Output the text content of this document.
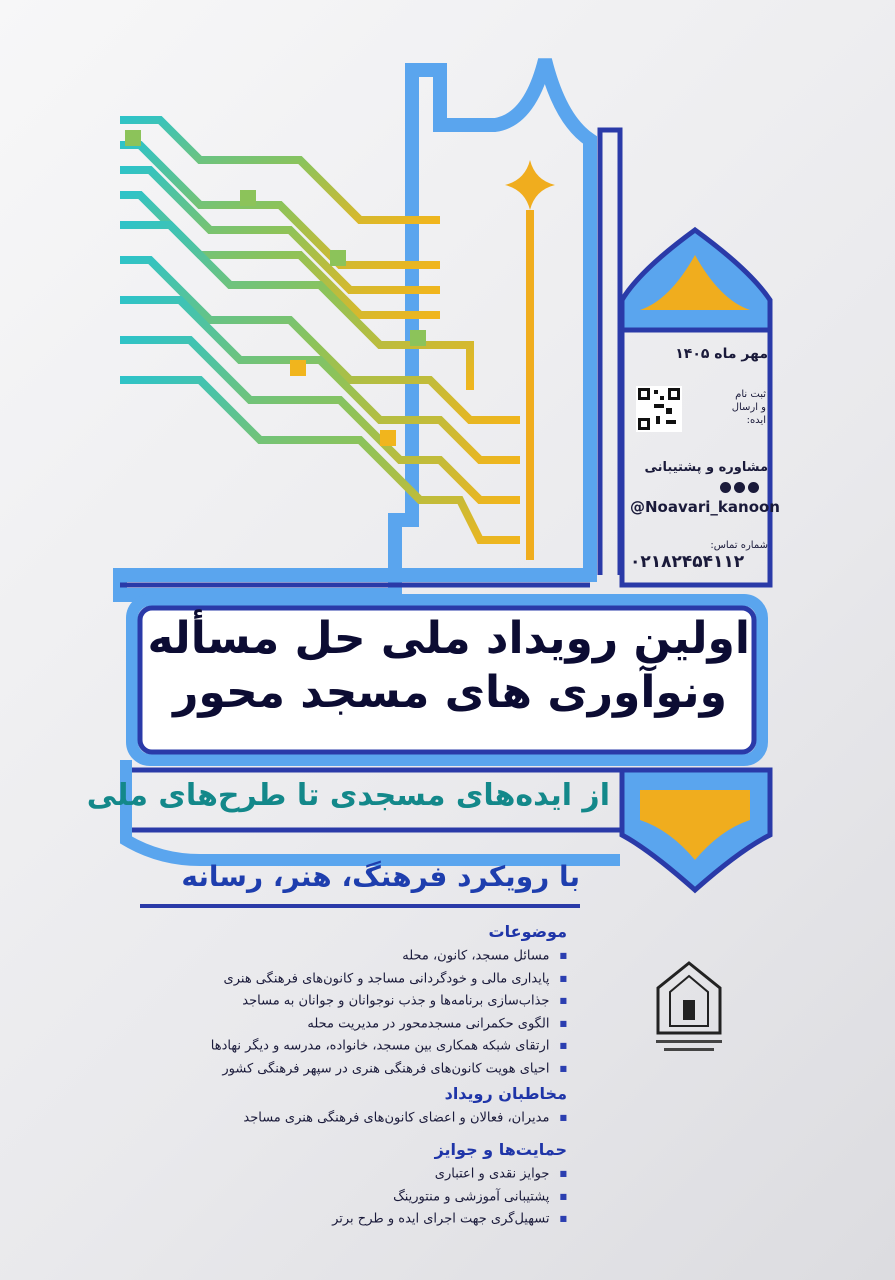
مهر ماه ۱۴۰۵
ثبت نام
و ارسال
ایده:
مشاوره و پشتیبانی
@Noavari_kanoon
شماره تماس:
۰۲۱۸۲۴۵۴۱۱۲
اولین رویداد ملی حل مسأله
ونوآوری های مسجد محور
از ایده‌های مسجدی تا طرح‌های ملی
با رویکرد فرهنگ، هنر، رسانه
موضوعات
■ مسائل مسجد، کانون، محله
■ پایداری مالی و خودگردانی مساجد و کانون‌های فرهنگی هنری
■ جذاب‌سازی برنامه‌ها و جذب نوجوانان و جوانان به مساجد
■ الگوی حکمرانی مسجدمحور در مدیریت محله
■ ارتقای شبکه همکاری بین مسجد، خانواده، مدرسه و دیگر نهادها
■ احیای هویت کانون‌های فرهنگی هنری در سپهر فرهنگی کشور
مخاطبان رویداد
■ مدیران، فعالان و اعضای کانون‌های فرهنگی هنری مساجد
حمایت‌ها و جوایز
■ جوایز نقدی و اعتباری
■ پشتیبانی آموزشی و منتورینگ
■ تسهیل‌گری جهت اجرای ایده و طرح برتر
